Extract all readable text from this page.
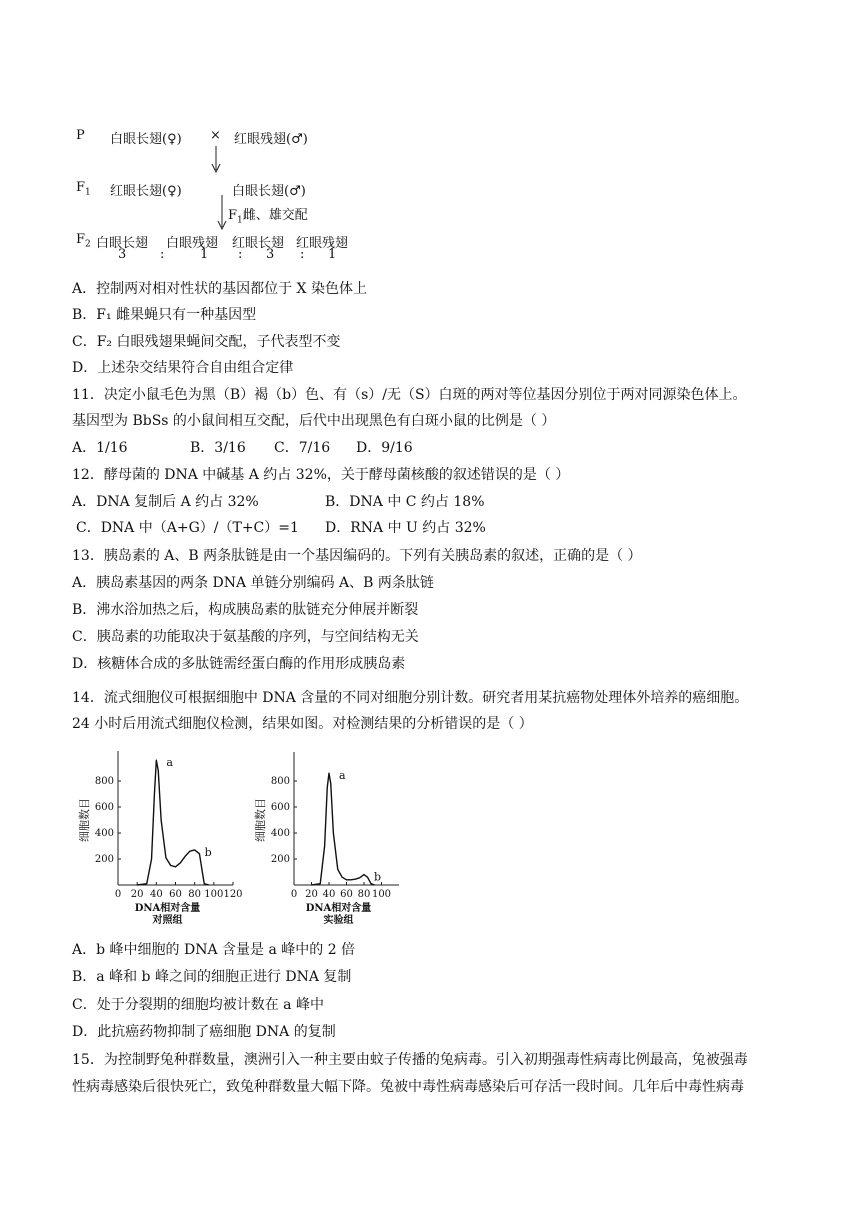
P 白眼长翅(♀) × 红眼残翅(♂)
$F_1$ 红眼长翅(♀)	白眼长翅(♂)
$F_1$雌、雄交配
$F_2$ 白眼长翅 白眼残翅 红眼长翅 红眼残翅
3	:	1 : 3 : 1
A．控制两对相对性状的基因都位于 X 染色体上
B．F₁ 雌果蝇只有一种基因型
C．F₂ 白眼残翅果蝇间交配，子代表型不变
D．上述杂交结果符合自由组合定律
11．决定小鼠毛色为黑（B）褐（b）色、有（s）/无（S）白斑的两对等位基因分别位于两对同源染色体上。
基因型为 BbSs 的小鼠间相互交配，后代中出现黑色有白斑小鼠的比例是（ ）
A．1/16	B．3/16 C．7/16 D．9/16
12．酵母菌的 DNA 中碱基 A 约占 32%，关于酵母菌核酸的叙述错误的是（ ）
A．DNA 复制后 A 约占 32%	B．DNA 中 C 约占 18%
C．DNA 中（A+G）/（T+C）=1 D．RNA 中 U 约占 32%
13．胰岛素的 A、B 两条肽链是由一个基因编码的。下列有关胰岛素的叙述，正确的是（ ）
A．胰岛素基因的两条 DNA 单链分别编码 A、B 两条肽链
B．沸水浴加热之后，构成胰岛素的肽链充分伸展并断裂
C．胰岛素的功能取决于氨基酸的序列，与空间结构无关
D．核糖体合成的多肽链需经蛋白酶的作用形成胰岛素
14．流式细胞仪可根据细胞中 DNA 含量的不同对细胞分别计数。研究者用某抗癌物处理体外培养的癌细胞。
24 小时后用流式细胞仪检测，结果如图。对检测结果的分析错误的是（ ）
200
400
600
800
0 20 40 60 80 100 120
a
b
细胞数目
DNA相对含量
对照组
200
400
600
800
0 20 40 60 80 100
a
b
细胞数目
DNA相对含量
实验组
A．b 峰中细胞的 DNA 含量是 a 峰中的 2 倍
B．a 峰和 b 峰之间的细胞正进行 DNA 复制
C．处于分裂期的细胞均被计数在 a 峰中
D．此抗癌药物抑制了癌细胞 DNA 的复制
15．为控制野兔种群数量，澳洲引入一种主要由蚊子传播的兔病毒。引入初期强毒性病毒比例最高，兔被强毒
性病毒感染后很快死亡，致兔种群数量大幅下降。兔被中毒性病毒感染后可存活一段时间。几年后中毒性病毒
